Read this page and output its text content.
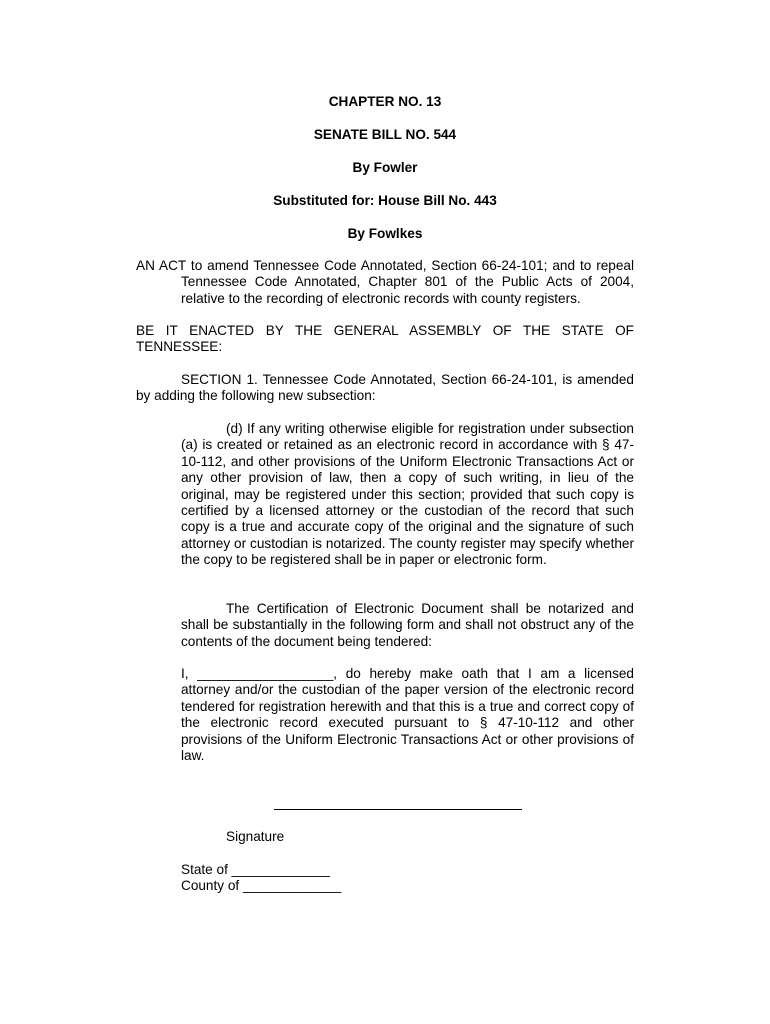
CHAPTER NO. 13
SENATE BILL NO. 544
By Fowler
Substituted for: House Bill No. 443
By Fowlkes
AN ACT to amend Tennessee Code Annotated, Section 66-24-101; and to repeal Tennessee Code Annotated, Chapter 801 of the Public Acts of 2004, relative to the recording of electronic records with county registers.
BE IT ENACTED BY THE GENERAL ASSEMBLY OF THE STATE OF TENNESSEE:
SECTION 1. Tennessee Code Annotated, Section 66-24-101, is amended by adding the following new subsection:
(d) If any writing otherwise eligible for registration under subsection (a) is created or retained as an electronic record in accordance with § 47-10-112, and other provisions of the Uniform Electronic Transactions Act or any other provision of law, then a copy of such writing, in lieu of the original, may be registered under this section; provided that such copy is certified by a licensed attorney or the custodian of the record that such copy is a true and accurate copy of the original and the signature of such attorney or custodian is notarized. The county register may specify whether the copy to be registered shall be in paper or electronic form.
The Certification of Electronic Document shall be notarized and shall be substantially in the following form and shall not obstruct any of the contents of the document being tendered:
I, __________________, do hereby make oath that I am a licensed attorney and/or the custodian of the paper version of the electronic record tendered for registration herewith and that this is a true and correct copy of the electronic record executed pursuant to § 47-10-112 and other provisions of the Uniform Electronic Transactions Act or other provisions of law.
Signature
State of _____________
County of _____________
